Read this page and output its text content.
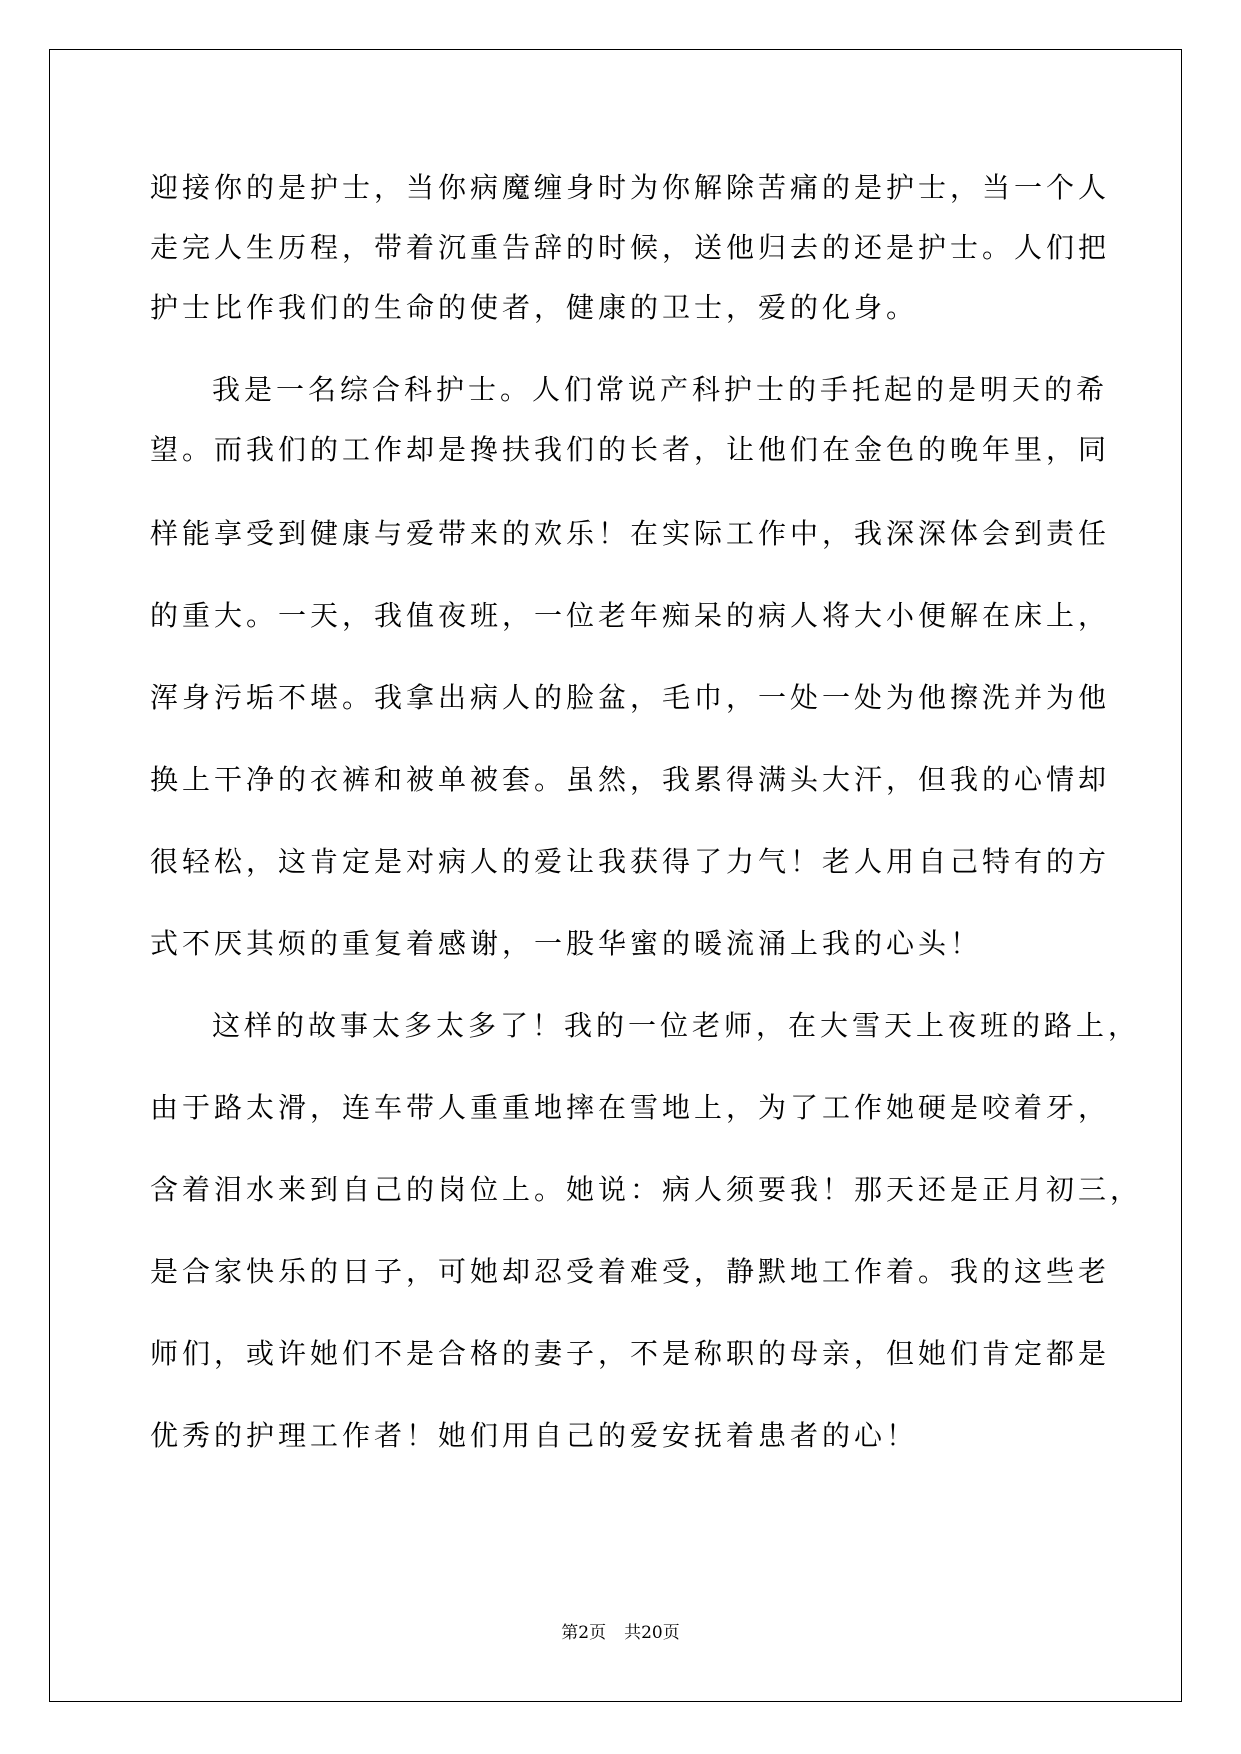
迎接你的是护士，当你病魔缠身时为你解除苦痛的是护士，当一个人
走完人生历程，带着沉重告辞的时候，送他归去的还是护士。人们把
护士比作我们的生命的使者，健康的卫士，爱的化身。
我是一名综合科护士。人们常说产科护士的手托起的是明天的希
望。而我们的工作却是搀扶我们的长者，让他们在金色的晚年里，同
样能享受到健康与爱带来的欢乐！在实际工作中，我深深体会到责任
的重大。一天，我值夜班，一位老年痴呆的病人将大小便解在床上，
浑身污垢不堪。我拿出病人的脸盆，毛巾，一处一处为他擦洗并为他
换上干净的衣裤和被单被套。虽然，我累得满头大汗，但我的心情却
很轻松，这肯定是对病人的爱让我获得了力气！老人用自己特有的方
式不厌其烦的重复着感谢，一股华蜜的暖流涌上我的心头！
这样的故事太多太多了！我的一位老师，在大雪天上夜班的路上，
由于路太滑，连车带人重重地摔在雪地上，为了工作她硬是咬着牙，
含着泪水来到自己的岗位上。她说：病人须要我！那天还是正月初三，
是合家快乐的日子，可她却忍受着难受，静默地工作着。我的这些老
师们，或许她们不是合格的妻子，不是称职的母亲，但她们肯定都是
优秀的护理工作者！她们用自己的爱安抚着患者的心！
第2页 共20页
